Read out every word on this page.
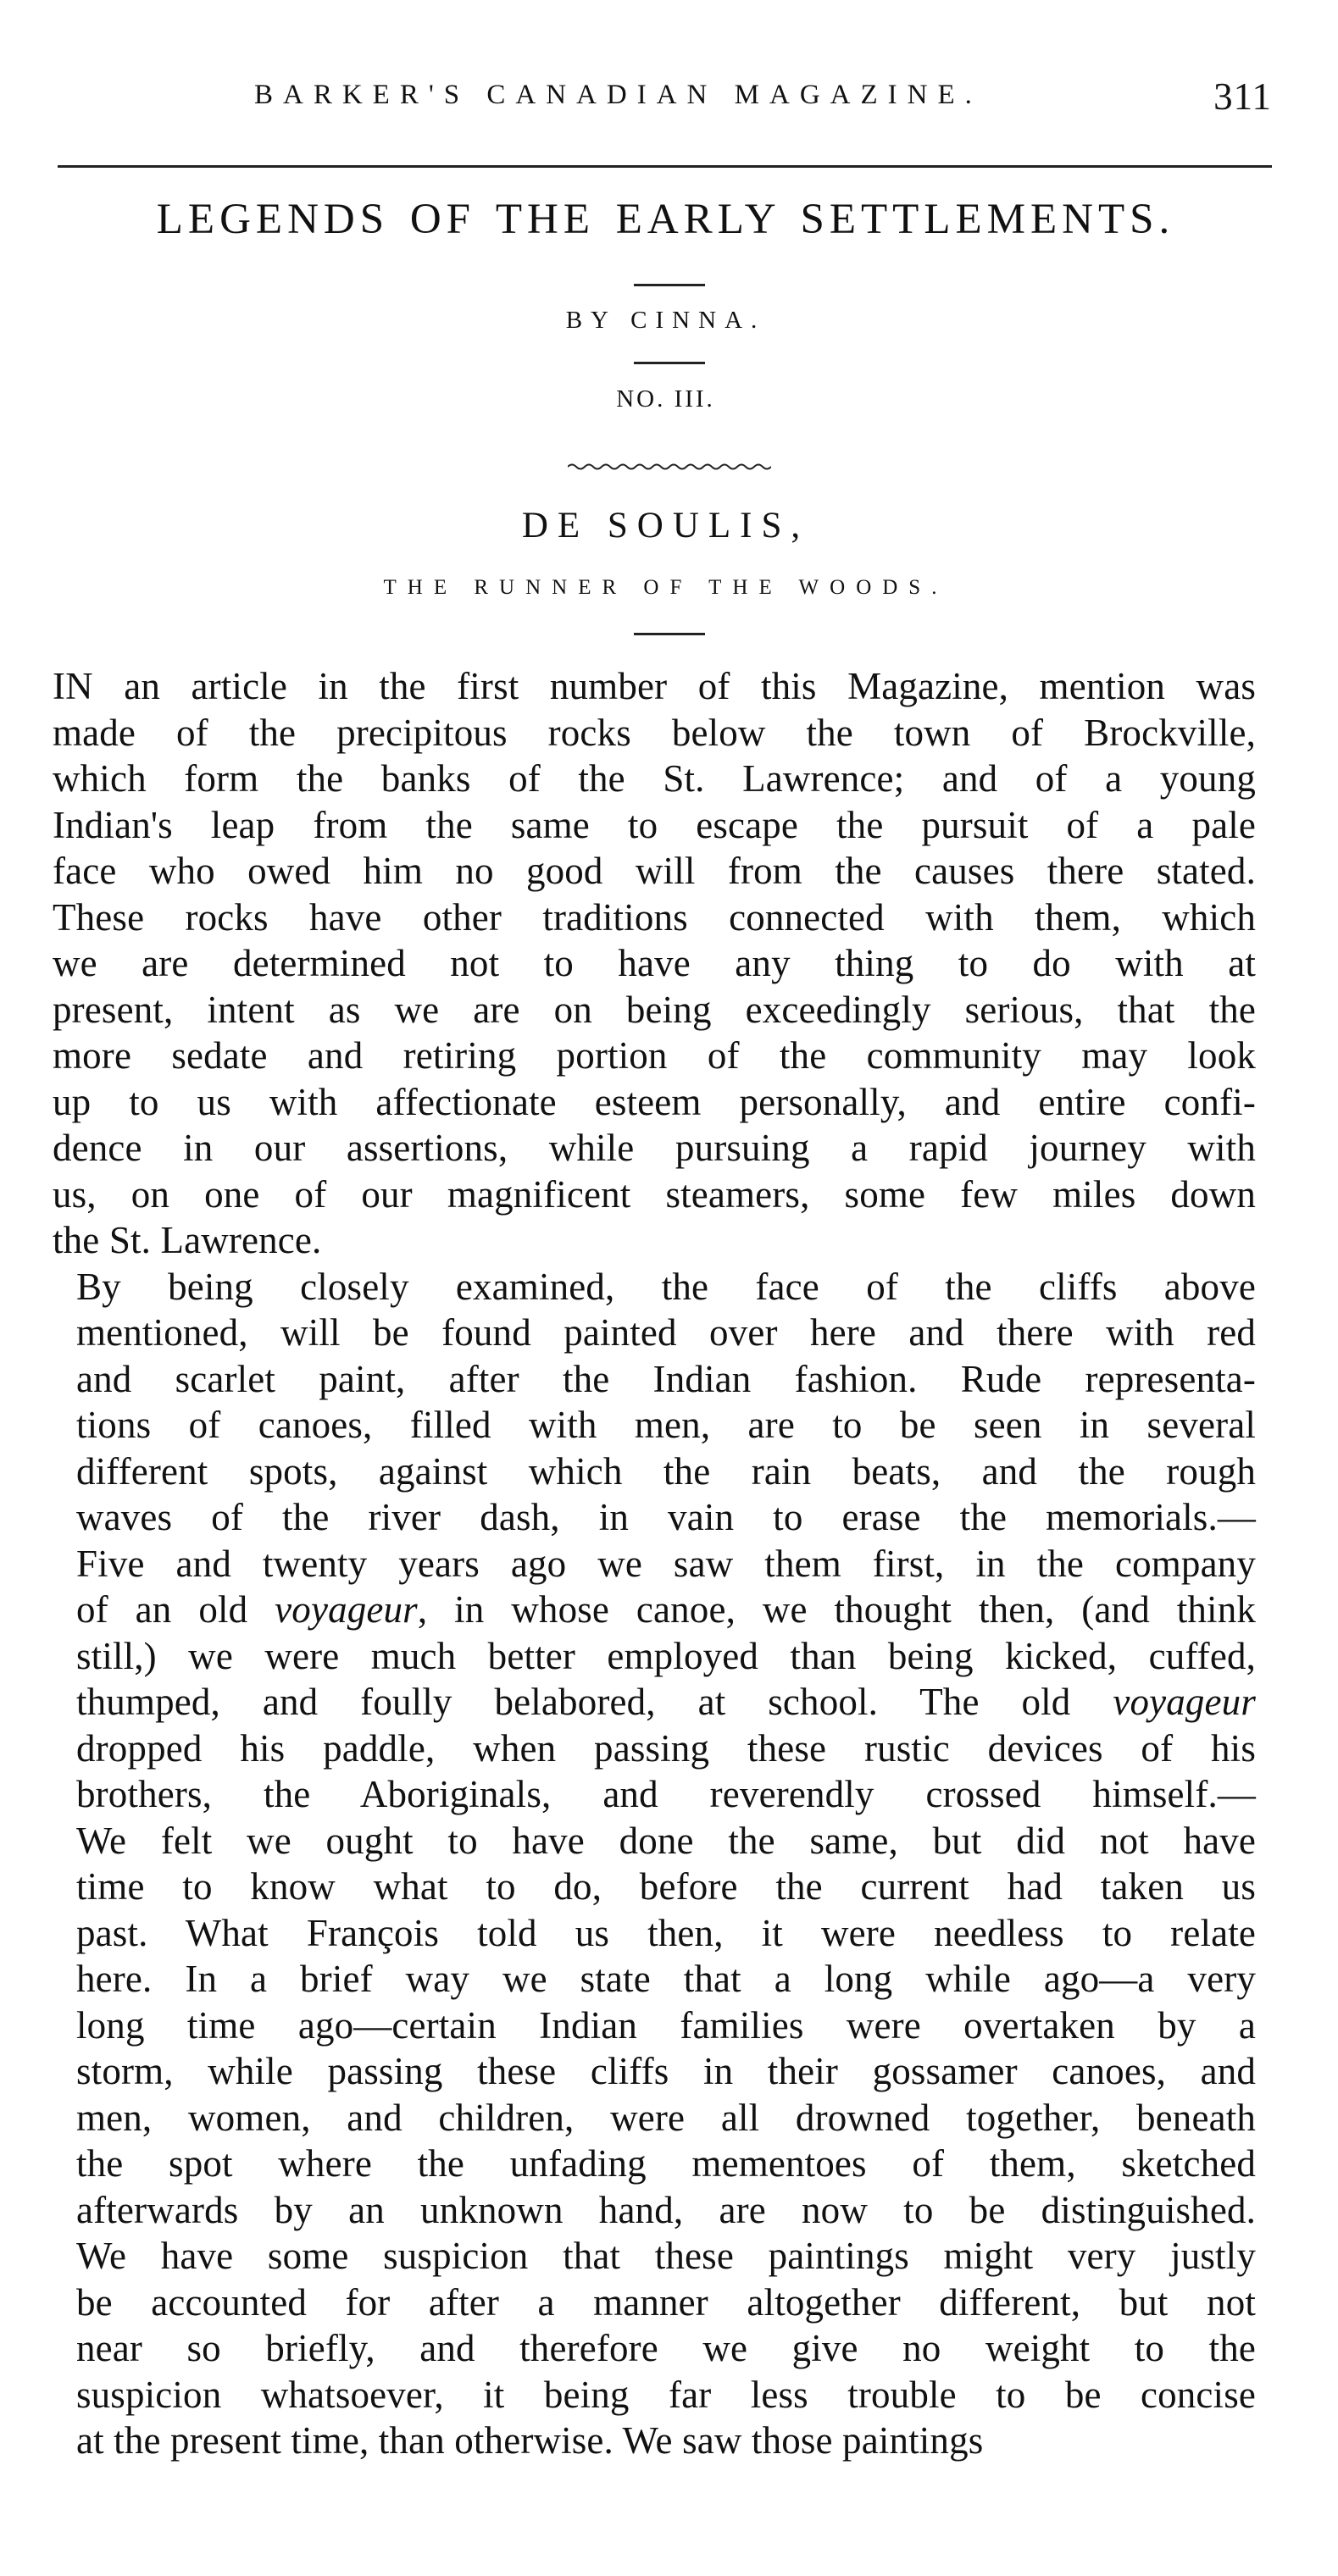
BARKER'S CANADIAN MAGAZINE.	311
LEGENDS OF THE EARLY SETTLEMENTS.
BY CINNA.
NO. III.
DE SOULIS,
THE RUNNER OF THE WOODS.

IN an article in the first number of this Magazine, mention was
made of the precipitous rocks below the town of Brockville,
which form the banks of the St. Lawrence; and of a young
Indian's leap from the same to escape the pursuit of a pale
face who owed him no good will from the causes there stated.
These rocks have other traditions connected with them, which
we are determined not to have any thing to do with at
present, intent as we are on being exceedingly serious, that the
more sedate and retiring portion of the community may look
up to us with affectionate esteem personally, and entire confi-
dence in our assertions, while pursuing a rapid journey with
us, on one of our magnificent steamers, some few miles down
the St. Lawrence.

By being closely examined, the face of the cliffs above
mentioned, will be found painted over here and there with red
and scarlet paint, after the Indian fashion. Rude representa-
tions of canoes, filled with men, are to be seen in several
different spots, against which the rain beats, and the rough
waves of the river dash, in vain to erase the memorials.—
Five and twenty years ago we saw them first, in the company
of an old voyageur, in whose canoe, we thought then, (and think
still,) we were much better employed than being kicked, cuffed,
thumped, and foully belabored, at school. The old voyageur
dropped his paddle, when passing these rustic devices of his
brothers, the Aboriginals, and reverendly crossed himself.—
We felt we ought to have done the same, but did not have
time to know what to do, before the current had taken us
past. What François told us then, it were needless to relate
here. In a brief way we state that a long while ago—a very
long time ago—certain Indian families were overtaken by a
storm, while passing these cliffs in their gossamer canoes, and
men, women, and children, were all drowned together, beneath
the spot where the unfading mementoes of them, sketched
afterwards by an unknown hand, are now to be distinguished.
We have some suspicion that these paintings might very justly
be accounted for after a manner altogether different, but not
near so briefly, and therefore we give no weight to the
suspicion whatsoever, it being far less trouble to be concise
at the present time, than otherwise. We saw those paintings
